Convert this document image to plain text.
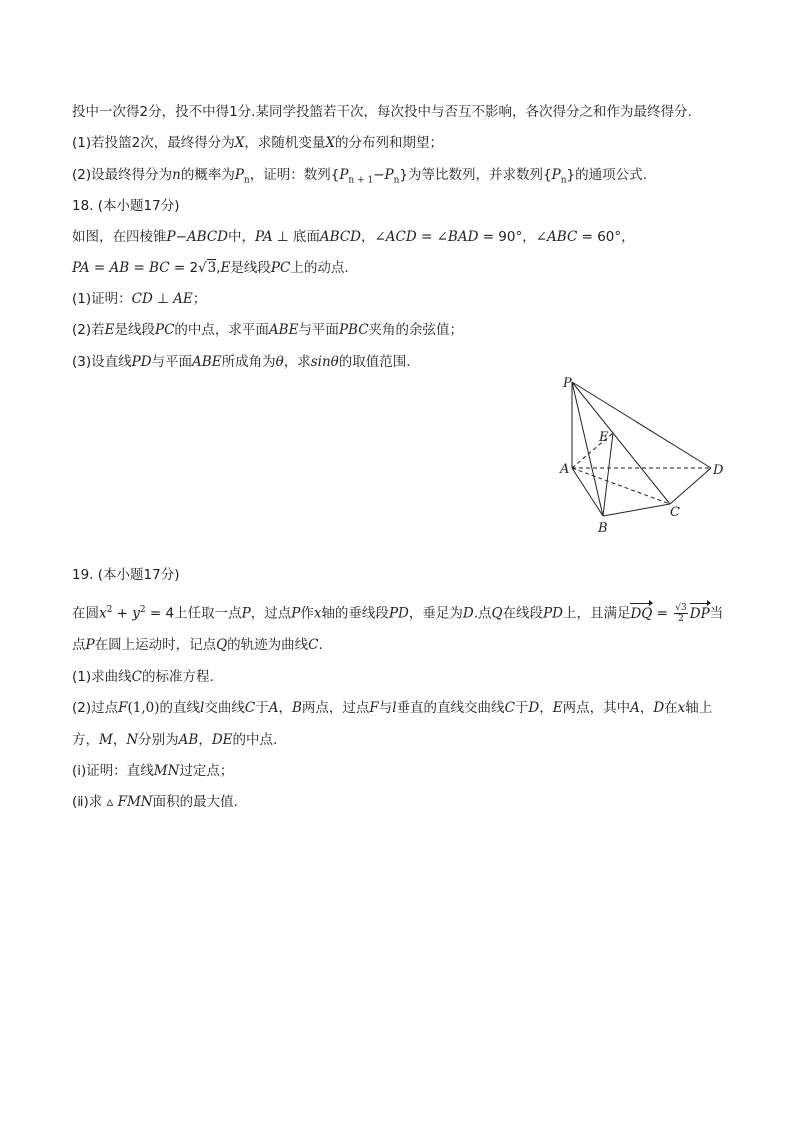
投中一次得2分，投不中得1分.某同学投篮若干次，每次投中与否互不影响，各次得分之和作为最终得分.
(1)若投篮2次，最终得分为X，求随机变量X的分布列和期望；
(2)设最终得分为n的概率为$P_n$，证明：数列$\{P_{n + 1}-P_n\}$为等比数列，并求数列$\{P_n\}$的通项公式.
18. (本小题17分)
如图，在四棱锥P−ABCD中，PA ⊥ 底面ABCD，∠ACD = ∠BAD = 90°，∠ABC = 60°，
PA = AB = BC = 2√3,E是线段PC上的动点.
(1)证明：CD ⊥ AE；
(2)若E是线段PC的中点，求平面ABE与平面PBC夹角的余弦值；
(3)设直线PD与平面ABE所成角为θ，求sinθ的取值范围.
P
E
A	D
B
C
19. (本小题17分)
在圆$x^2 + y^2 = 4$上任取一点P，过点P作x轴的垂线段PD，垂足为D.点Q在线段PD上，且满足DQ = $\frac{√3}{2}$ DP当
点P在圆上运动时，记点Q的轨迹为曲线C.
(1)求曲线C的标准方程.
(2)过点F(1,0)的直线l交曲线C于A，B两点，过点F与l垂直的直线交曲线C于D，E两点，其中A，D在x轴上
方，M，N分别为AB，DE的中点.
(ⅰ)证明：直线MN过定点；
(ⅱ)求 ▵ FMN面积的最大值.
